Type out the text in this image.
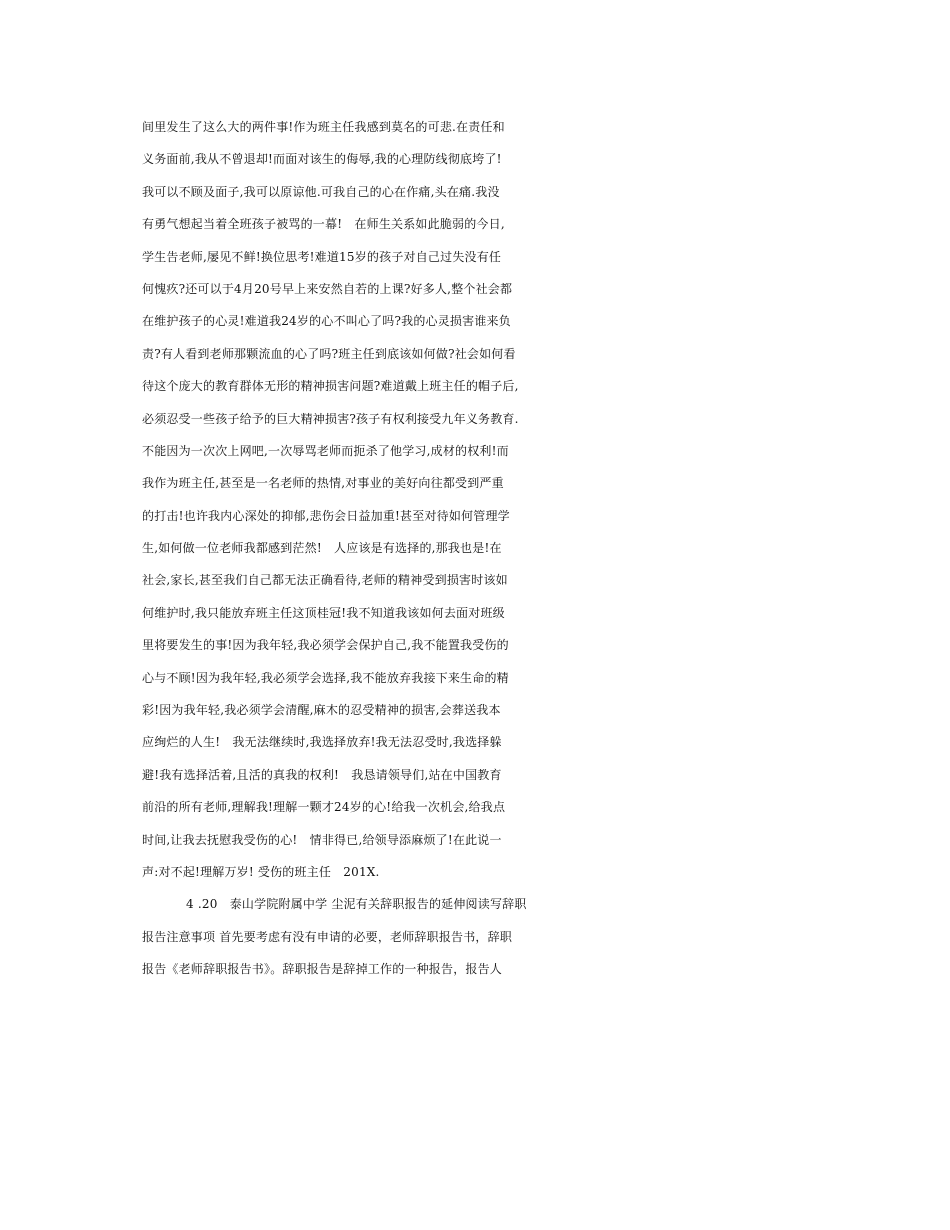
间里发生了这么大的两件事!作为班主任我感到莫名的可悲.在责任和
义务面前,我从不曾退却!而面对该生的侮辱,我的心理防线彻底垮了!
我可以不顾及面子,我可以原谅他.可我自己的心在作痛,头在痛.我没
有勇气想起当着全班孩子被骂的一幕!　在师生关系如此脆弱的今日,
学生告老师,屡见不鲜!换位思考!难道15岁的孩子对自己过失没有任
何愧疚?还可以于4月20号早上来安然自若的上课?好多人,整个社会都
在维护孩子的心灵!难道我24岁的心不叫心了吗?我的心灵损害谁来负
责?有人看到老师那颗流血的心了吗?班主任到底该如何做?社会如何看
待这个庞大的教育群体无形的精神损害问题?难道戴上班主任的帽子后,
必须忍受一些孩子给予的巨大精神损害?孩子有权利接受九年义务教育.
不能因为一次次上网吧,一次辱骂老师而扼杀了他学习,成材的权利!而
我作为班主任,甚至是一名老师的热情,对事业的美好向往都受到严重
的打击!也许我内心深处的抑郁,悲伤会日益加重!甚至对待如何管理学
生,如何做一位老师我都感到茫然!　人应该是有选择的,那我也是!在
社会,家长,甚至我们自己都无法正确看待,老师的精神受到损害时该如
何维护时,我只能放弃班主任这顶桂冠!我不知道我该如何去面对班级
里将要发生的事!因为我年轻,我必须学会保护自己,我不能置我受伤的
心与不顾!因为我年轻,我必须学会选择,我不能放弃我接下来生命的精
彩!因为我年轻,我必须学会清醒,麻木的忍受精神的损害,会葬送我本
应绚烂的人生!　我无法继续时,我选择放弃!我无法忍受时,我选择躲
避!我有选择活着,且活的真我的权利!　我恳请领导们,站在中国教育
前沿的所有老师,理解我!理解一颗才24岁的心!给我一次机会,给我点
时间,让我去抚慰我受伤的心!　情非得已,给领导添麻烦了!在此说一
声:对不起!理解万岁! 受伤的班主任　201X.
4 .20　泰山学院附属中学 尘泥有关辞职报告的延伸阅读写辞职
报告注意事项 首先要考虑有没有申请的必要，老师辞职报告书，辞职
报告《老师辞职报告书》。辞职报告是辞掉工作的一种报告，报告人
